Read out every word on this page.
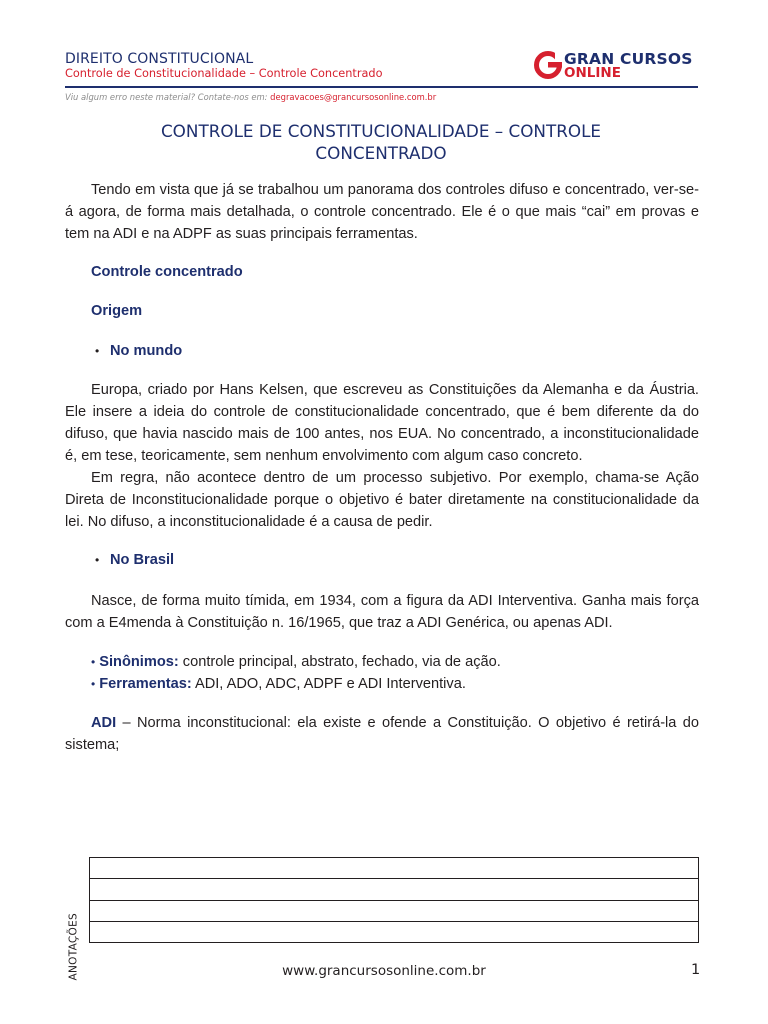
DIREITO CONSTITUCIONAL
Controle de Constitucionalidade – Controle Concentrado
GRAN CURSOS
ONLINE
Viu algum erro neste material? Contate-nos em: degravacoes@grancursosonline.com.br
CONTROLE DE CONSTITUCIONALIDADE – CONTROLE
CONCENTRADO

Tendo em vista que já se trabalhou um panorama dos controles difuso e concentrado, ver-se-á agora, de forma mais detalhada, o controle concentrado. Ele é o que mais “cai” em provas e tem na ADI e na ADPF as suas principais ferramentas.

Controle concentrado

Origem

• No mundo

Europa, criado por Hans Kelsen, que escreveu as Constituições da Alemanha e da Áustria. Ele insere a ideia do controle de constitucionalidade concentrado, que é bem diferente da do difuso, que havia nascido mais de 100 antes, nos EUA. No concentrado, a inconstitucionalidade é, em tese, teoricamente, sem nenhum envolvimento com algum caso concreto.

Em regra, não acontece dentro de um processo subjetivo. Por exemplo, chama-se Ação Direta de Inconstitucionalidade porque o objetivo é bater diretamente na constitucionalidade da lei. No difuso, a inconstitucionalidade é a causa de pedir.

• No Brasil

Nasce, de forma muito tímida, em 1934, com a figura da ADI Interventiva. Ganha mais força com a E4menda à Constituição n. 16/1965, que traz a ADI Genérica, ou apenas ADI.

• Sinônimos: controle principal, abstrato, fechado, via de ação.

• Ferramentas: ADI, ADO, ADC, ADPF e ADI Interventiva.

ADI – Norma inconstitucional: ela existe e ofende a Constituição. O objetivo é retirá-la do sistema;

ANOTAÇÕES	www.grancursosonline.com.br	1
